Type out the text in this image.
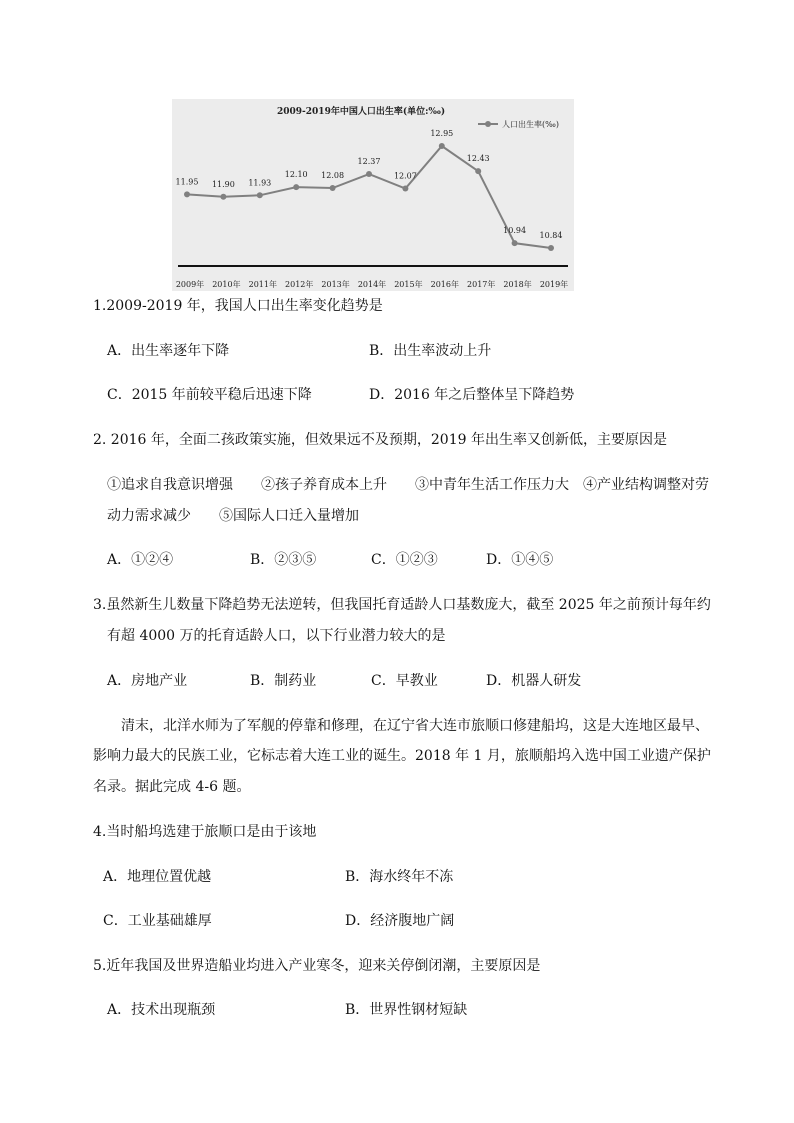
2009-2019年中国人口出生率(单位:‰)
人口出生率(‰)
11.95
2009年
11.90
2010年
11.93
2011年
12.10
2012年
12.08
2013年
12.37
2014年
12.07
2015年
12.95
2016年
12.43
2017年
10.94
2018年
10.84
2019年
1.2009-2019 年，我国人口出生率变化趋势是
A．出生率逐年下降	B．出生率波动上升
C．2015 年前较平稳后迅速下降	D．2016 年之后整体呈下降趋势
2. 2016 年，全面二孩政策实施，但效果远不及预期，2019 年出生率又创新低，主要原因是
①追求自我意识增强　　②孩子养育成本上升　　③中青年生活工作压力大　④产业结构调整对劳
动力需求减少　　⑤国际人口迁入量增加
A．①②④	B．②③⑤	C．①②③	D．①④⑤
3.虽然新生儿数量下降趋势无法逆转，但我国托育适龄人口基数庞大，截至 2025 年之前预计每年约
有超 4000 万的托育适龄人口，以下行业潜力较大的是
A．房地产业	B．制药业	C．早教业	D．机器人研发
清末，北洋水师为了军舰的停靠和修理，在辽宁省大连市旅顺口修建船坞，这是大连地区最早、
影响力最大的民族工业，它标志着大连工业的诞生。2018 年 1 月，旅顺船坞入选中国工业遗产保护
名录。据此完成 4-6 题。
4.当时船坞选建于旅顺口是由于该地
A．地理位置优越	B．海水终年不冻
C．工业基础雄厚	D．经济腹地广阔
5.近年我国及世界造船业均进入产业寒冬，迎来关停倒闭潮，主要原因是
A．技术出现瓶颈	B．世界性钢材短缺
